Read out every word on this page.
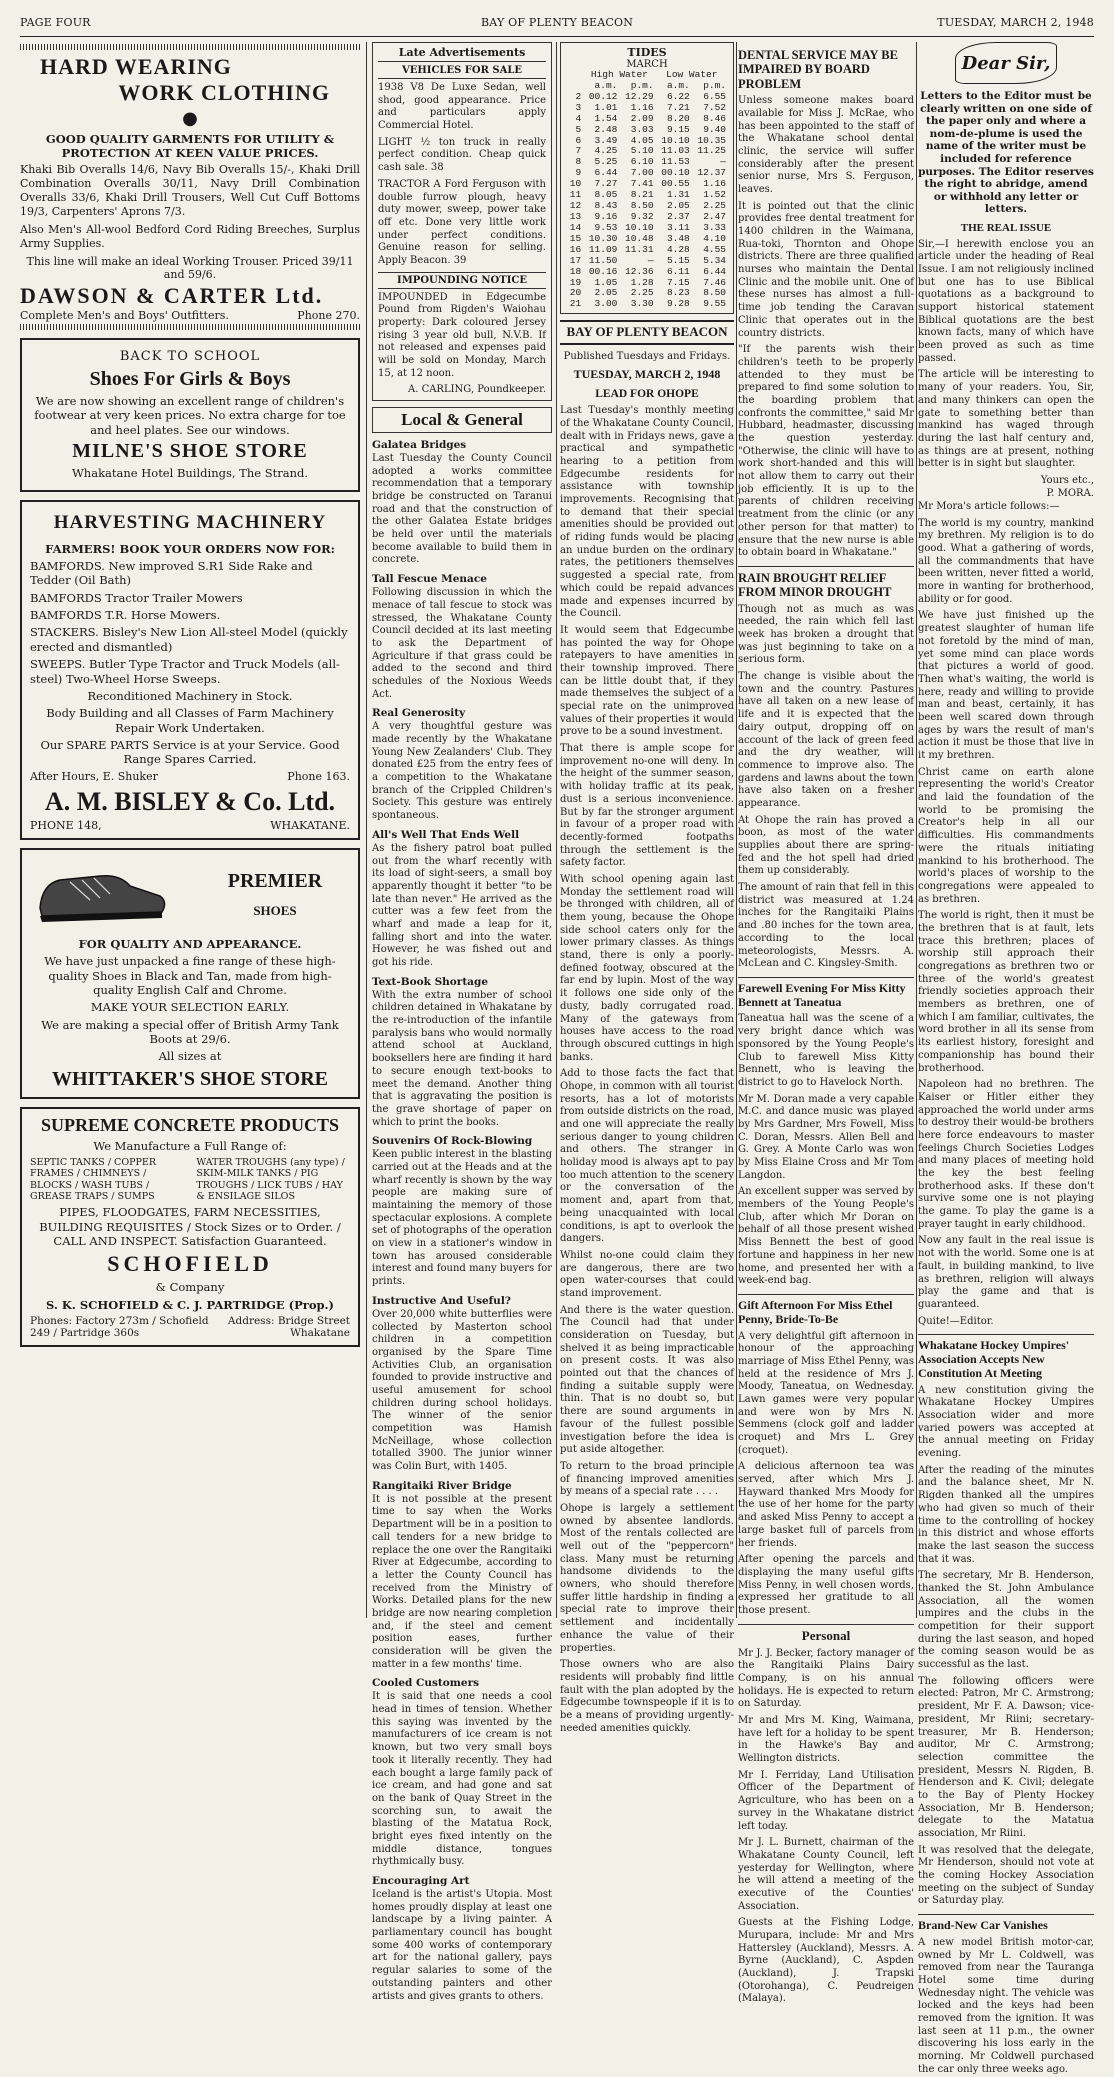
PAGE FOUR	BAY OF PLENTY BEACON	TUESDAY, MARCH 2, 1948
HARD WEARING
WORK CLOTHING
●

GOOD QUALITY GARMENTS FOR UTILITY & PROTECTION AT KEEN VALUE PRICES.

Khaki Bib Overalls 14/6, Navy Bib Overalls 15/-, Khaki Drill Combination Overalls 30/11, Navy Drill Combination Overalls 33/6, Khaki Drill Trousers, Well Cut Cuff Bottoms 19/3, Carpenters' Aprons 7/3.

Also Men's All-wool Bedford Cord Riding Breeches, Surplus Army Supplies.

This line will make an ideal Working Trouser. Priced 39/11 and 59/6.

DAWSON & CARTER Ltd.
Complete Men's and Boys' Outfitters.	Phone 270.

BACK TO SCHOOL

Shoes For Girls & Boys

We are now showing an excellent range of children's footwear at very keen prices. No extra charge for toe and heel plates. See our windows.

MILNE'S SHOE STORE

Whakatane Hotel Buildings, The Strand.

HARVESTING MACHINERY

FARMERS! BOOK YOUR ORDERS NOW FOR:

BAMFORDS. New improved S.R1 Side Rake and Tedder (Oil Bath)

BAMFORDS Tractor Trailer Mowers

BAMFORDS T.R. Horse Mowers.

STACKERS. Bisley's New Lion All-steel Model (quickly erected and dismantled)

SWEEPS. Butler Type Tractor and Truck Models (all-steel) Two-Wheel Horse Sweeps.

Reconditioned Machinery in Stock.

Body Building and all Classes of Farm Machinery Repair Work Undertaken.

Our SPARE PARTS Service is at your Service. Good Range Spares Carried.

After Hours, E. Shuker	Phone 163.
A. M. BISLEY & Co. Ltd.
PHONE 148,	WHAKATANE.
PREMIER
SHOES

FOR QUALITY AND APPEARANCE.

We have just unpacked a fine range of these high-quality Shoes in Black and Tan, made from high-quality English Calf and Chrome.

MAKE YOUR SELECTION EARLY.

We are making a special offer of British Army Tank Boots at 29/6.

All sizes at

WHITTAKER'S SHOE STORE
SUPREME CONCRETE PRODUCTS

We Manufacture a Full Range of:

SEPTIC TANKS / COPPER FRAMES / CHIMNEYS / BLOCKS / WASH TUBS / GREASE TRAPS / SUMPS
WATER TROUGHS (any type) / SKIM-MILK TANKS / PIG TROUGHS / LICK TUBS / HAY & ENSILAGE SILOS

PIPES, FLOODGATES, FARM NECESSITIES, BUILDING REQUISITES / Stock Sizes or to Order. / CALL AND INSPECT. Satisfaction Guaranteed.

SCHOFIELD

& Company

S. K. SCHOFIELD & C. J. PARTRIDGE (Prop.)

Phones: Factory 273m / Schofield 249 / Partridge 360s
Address: Bridge Street Whakatane
Late Advertisements
VEHICLES FOR SALE

1938 V8 De Luxe Sedan, well shod, good appearance. Price and particulars apply Commercial Hotel.

LIGHT ½ ton truck in really perfect condition. Cheap quick cash sale. 38

TRACTOR A Ford Ferguson with double furrow plough, heavy duty mower, sweep, power take off etc. Done very little work under perfect conditions. Genuine reason for selling. Apply Beacon. 39

IMPOUNDING NOTICE

IMPOUNDED in Edgecumbe Pound from Rigden's Waiohau property: Dark coloured Jersey rising 3 year old bull, N.V.B. If not released and expenses paid will be sold on Monday, March 15, at 12 noon.

A. CARLING, Poundkeeper.

Local & General
Galatea Bridges

Last Tuesday the County Council adopted a works committee recommendation that a temporary bridge be constructed on Taranui road and that the construction of the other Galatea Estate bridges be held over until the materials become available to build them in concrete.

Tall Fescue Menace

Following discussion in which the menace of tall fescue to stock was stressed, the Whakatane County Council decided at its last meeting to ask the Department of Agriculture if that grass could be added to the second and third schedules of the Noxious Weeds Act.

Real Generosity

A very thoughtful gesture was made recently by the Whakatane Young New Zealanders' Club. They donated £25 from the entry fees of a competition to the Whakatane branch of the Crippled Children's Society. This gesture was entirely spontaneous.

All's Well That Ends Well

As the fishery patrol boat pulled out from the wharf recently with its load of sight-seers, a small boy apparently thought it better "to be late than never." He arrived as the cutter was a few feet from the wharf and made a leap for it, falling short and into the water. However, he was fished out and got his ride.

Text-Book Shortage

With the extra number of school children detained in Whakatane by the re-introduction of the infantile paralysis bans who would normally attend school at Auckland, booksellers here are finding it hard to secure enough text-books to meet the demand. Another thing that is aggravating the position is the grave shortage of paper on which to print the books.

Souvenirs Of Rock-Blowing

Keen public interest in the blasting carried out at the Heads and at the wharf recently is shown by the way people are making sure of maintaining the memory of those spectacular explosions. A complete set of photographs of the operation on view in a stationer's window in town has aroused considerable interest and found many buyers for prints.

Instructive And Useful?

Over 20,000 white butterflies were collected by Masterton school children in a competition organised by the Spare Time Activities Club, an organisation founded to provide instructive and useful amusement for school children during school holidays. The winner of the senior competition was Hamish McNeillage, whose collection totalled 3900. The junior winner was Colin Burt, with 1405.

Rangitaiki River Bridge

It is not possible at the present time to say when the Works Department will be in a position to call tenders for a new bridge to replace the one over the Rangitaiki River at Edgecumbe, according to a letter the County Council has received from the Ministry of Works. Detailed plans for the new bridge are now nearing completion and, if the steel and cement position eases, further consideration will be given the matter in a few months' time.

Cooled Customers

It is said that one needs a cool head in times of tension. Whether this saying was invented by the manufacturers of ice cream is not known, but two very small boys took it literally recently. They had each bought a large family pack of ice cream, and had gone and sat on the bank of Quay Street in the scorching sun, to await the blasting of the Matatua Rock, bright eyes fixed intently on the middle distance, tongues rhythmically busy.

Encouraging Art

Iceland is the artist's Utopia. Most homes proudly display at least one landscape by a living painter. A parliamentary council has bought some 400 works of contemporary art for the national gallery, pays regular salaries to some of the outstanding painters and other artists and gives grants to others.

TIDES
MARCH
	High Water		Low Water	
	a.m.	p.m.	a.m.	p.m.
2	00.12	12.29	6.22	6.55
3	1.01	1.16	7.21	7.52
4	1.54	2.09	8.20	8.46
5	2.48	3.03	9.15	9.40
6	3.49	4.05	10.10	10.35
7	4.25	5.10	11.03	11.25
8	5.25	6.10	11.53	—
9	6.44	7.00	00.10	12.37
10	7.27	7.41	00.55	1.16
11	8.05	8.21	1.31	1.52
12	8.43	8.50	2.05	2.25
13	9.16	9.32	2.37	2.47
14	9.53	10.10	3.11	3.33
15	10.30	10.48	3.48	4.10
16	11.09	11.31	4.28	4.55
17	11.50	—	5.15	5.34
18	00.16	12.36	6.11	6.44
19	1.05	1.28	7.15	7.46
20	2.05	2.25	8.23	8.50
21	3.00	3.30	9.28	9.55
BAY OF PLENTY BEACON

Published Tuesdays and Fridays.

TUESDAY, MARCH 2, 1948
LEAD FOR OHOPE

Last Tuesday's monthly meeting of the Whakatane County Council, dealt with in Fridays news, gave a practical and sympathetic hearing to a petition from Edgecumbe residents for assistance with township improvements. Recognising that to demand that their special amenities should be provided out of riding funds would be placing an undue burden on the ordinary rates, the petitioners themselves suggested a special rate, from which could be repaid advances made and expenses incurred by the Council.

It would seem that Edgecumbe has pointed the way for Ohope ratepayers to have amenities in their township improved. There can be little doubt that, if they made themselves the subject of a special rate on the unimproved values of their properties it would prove to be a sound investment.

That there is ample scope for improvement no-one will deny. In the height of the summer season, with holiday traffic at its peak, dust is a serious inconvenience. But by far the stronger argument in favour of a proper road with decently-formed footpaths through the settlement is the safety factor.

With school opening again last Monday the settlement road will be thronged with children, all of them young, because the Ohope side school caters only for the lower primary classes. As things stand, there is only a poorly-defined footway, obscured at the far end by lupin. Most of the way it follows one side only of the dusty, badly corrugated road. Many of the gateways from houses have access to the road through obscured cuttings in high banks.

Add to those facts the fact that Ohope, in common with all tourist resorts, has a lot of motorists from outside districts on the road, and one will appreciate the really serious danger to young children and others. The stranger in holiday mood is always apt to pay too much attention to the scenery or the conversation of the moment and, apart from that, being unacquainted with local conditions, is apt to overlook the dangers.

Whilst no-one could claim they are dangerous, there are two open water-courses that could stand improvement.

And there is the water question. The Council had that under consideration on Tuesday, but shelved it as being impracticable on present costs. It was also pointed out that the chances of finding a suitable supply were thin. That is no doubt so, but there are sound arguments in favour of the fullest possible investigation before the idea is put aside altogether.

To return to the broad principle of financing improved amenities by means of a special rate . . . .

Ohope is largely a settlement owned by absentee landlords. Most of the rentals collected are well out of the "peppercorn" class. Many must be returning handsome dividends to the owners, who should therefore suffer little hardship in finding a special rate to improve their settlement and incidentally enhance the value of their properties.

Those owners who are also residents will probably find little fault with the plan adopted by the Edgecumbe townspeople if it is to be a means of providing urgently-needed amenities quickly.

DENTAL SERVICE MAY BE IMPAIRED BY BOARD PROBLEM

Unless someone makes board available for Miss J. McRae, who has been appointed to the staff of the Whakatane school dental clinic, the service will suffer considerably after the present senior nurse, Mrs S. Ferguson, leaves.

It is pointed out that the clinic provides free dental treatment for 1400 children in the Waimana, Rua-toki, Thornton and Ohope districts. There are three qualified nurses who maintain the Dental Clinic and the mobile unit. One of these nurses has almost a full-time job tending the Caravan Clinic that operates out in the country districts.

"If the parents wish their children's teeth to be properly attended to they must be prepared to find some solution to the boarding problem that confronts the committee," said Mr Hubbard, headmaster, discussing the question yesterday. "Otherwise, the clinic will have to work short-handed and this will not allow them to carry out their job efficiently. It is up to the parents of children receiving treatment from the clinic (or any other person for that matter) to ensure that the new nurse is able to obtain board in Whakatane."

RAIN BROUGHT RELIEF FROM MINOR DROUGHT

Though not as much as was needed, the rain which fell last week has broken a drought that was just beginning to take on a serious form.

The change is visible about the town and the country. Pastures have all taken on a new lease of life and it is expected that the dairy output, dropping off on account of the lack of green feed and the dry weather, will commence to improve also. The gardens and lawns about the town have also taken on a fresher appearance.

At Ohope the rain has proved a boon, as most of the water supplies about there are spring-fed and the hot spell had dried them up considerably.

The amount of rain that fell in this district was measured at 1.24 inches for the Rangitaiki Plains and .80 inches for the town area, according to the local meteorologists, Messrs. A. McLean and C. Kingsley-Smith.

Farewell Evening For Miss Kitty Bennett at Taneatua

Taneatua hall was the scene of a very bright dance which was sponsored by the Young People's Club to farewell Miss Kitty Bennett, who is leaving the district to go to Havelock North.

Mr M. Doran made a very capable M.C. and dance music was played by Mrs Gardner, Mrs Fowell, Miss C. Doran, Messrs. Allen Bell and G. Grey. A Monte Carlo was won by Miss Elaine Cross and Mr Tom Langdon.

An excellent supper was served by members of the Young People's Club, after which Mr Doran on behalf of all those present wished Miss Bennett the best of good fortune and happiness in her new home, and presented her with a week-end bag.

Gift Afternoon For Miss Ethel Penny, Bride-To-Be

A very delightful gift afternoon in honour of the approaching marriage of Miss Ethel Penny, was held at the residence of Mrs J. Moody, Taneatua, on Wednesday. Lawn games were very popular and were won by Mrs N. Semmens (clock golf and ladder croquet) and Mrs L. Grey (croquet).

A delicious afternoon tea was served, after which Mrs J. Hayward thanked Mrs Moody for the use of her home for the party and asked Miss Penny to accept a large basket full of parcels from her friends.

After opening the parcels and displaying the many useful gifts Miss Penny, in well chosen words, expressed her gratitude to all those present.

Personal

Mr J. J. Becker, factory manager of the Rangitaiki Plains Dairy Company, is on his annual holidays. He is expected to return on Saturday.

Mr and Mrs M. King, Waimana, have left for a holiday to be spent in the Hawke's Bay and Wellington districts.

Mr I. Ferriday, Land Utilisation Officer of the Department of Agriculture, who has been on a survey in the Whakatane district left today.

Mr J. L. Burnett, chairman of the Whakatane County Council, left yesterday for Wellington, where he will attend a meeting of the executive of the Counties' Association.

Guests at the Fishing Lodge, Murupara, include: Mr and Mrs Hattersley (Auckland), Messrs. A. Byrne (Auckland), C. Aspden (Auckland), J. Trapski (Otorohanga), C. Peudreigen (Malaya).

Dear Sir,
Letters to the Editor must be clearly written on one side of the paper only and where a nom-de-plume is used the name of the writer must be included for reference purposes. The Editor reserves the right to abridge, amend or withhold any letter or letters.
THE REAL ISSUE

Sir,—I herewith enclose you an article under the heading of Real Issue. I am not religiously inclined but one has to use Biblical quotations as a background to support historical statement Biblical quotations are the best known facts, many of which have been proved as such as time passed.

The article will be interesting to many of your readers. You, Sir, and many thinkers can open the gate to something better than mankind has waged through during the last half century and, as things are at present, nothing better is in sight but slaughter.

Yours etc.,
P. MORA.

Mr Mora's article follows:—

The world is my country, mankind my brethren. My religion is to do good. What a gathering of words, all the commandments that have been written, never fitted a world, more in wanting for brotherhood, ability or for good.

We have just finished up the greatest slaughter of human life not foretold by the mind of man, yet some mind can place words that pictures a world of good. Then what's waiting, the world is here, ready and willing to provide man and beast, certainly, it has been well scared down through ages by wars the result of man's action it must be those that live in it my brethren.

Christ came on earth alone representing the world's Creator and laid the foundation of the world to be promising the Creator's help in all our difficulties. His commandments were the rituals initiating mankind to his brotherhood. The world's places of worship to the congregations were appealed to as brethren.

The world is right, then it must be the brethren that is at fault, lets trace this brethren; places of worship still approach their congregations as brethren two or three of the world's greatest friendly societies approach their members as brethren, one of which I am familiar, cultivates, the word brother in all its sense from its earliest history, foresight and companionship has bound their brotherhood.

Napoleon had no brethren. The Kaiser or Hitler either they approached the world under arms to destroy their would-be brothers here force endeavours to master feelings Church Societies Lodges and many places of meeting hold the key the best feeling brotherhood asks. If these don't survive some one is not playing the game. To play the game is a prayer taught in early childhood.

Now any fault in the real issue is not with the world. Some one is at fault, in building mankind, to live as brethren, religion will always play the game and that is guaranteed.

Quite!—Editor.

Whakatane Hockey Umpires' Association Accepts New Constitution At Meeting

A new constitution giving the Whakatane Hockey Umpires Association wider and more varied powers was accepted at the annual meeting on Friday evening.

After the reading of the minutes and the balance sheet, Mr N. Rigden thanked all the umpires who had given so much of their time to the controlling of hockey in this district and whose efforts make the last season the success that it was.

The secretary, Mr B. Henderson, thanked the St. John Ambulance Association, all the women umpires and the clubs in the competition for their support during the last season, and hoped the coming season would be as successful as the last.

The following officers were elected: Patron, Mr C. Armstrong; president, Mr F. A. Dawson; vice-president, Mr Riini; secretary-treasurer, Mr B. Henderson; auditor, Mr C. Armstrong; selection committee the president, Messrs N. Rigden, B. Henderson and K. Civil; delegate to the Bay of Plenty Hockey Association, Mr B. Henderson; delegate to the Matatua association, Mr Riini.

It was resolved that the delegate, Mr Henderson, should not vote at the coming Hockey Association meeting on the subject of Sunday or Saturday play.

Brand-New Car Vanishes

A new model British motor-car, owned by Mr L. Coldwell, was removed from near the Tauranga Hotel some time during Wednesday night. The vehicle was locked and the keys had been removed from the ignition. It was last seen at 11 p.m., the owner discovering his loss early in the morning. Mr Coldwell purchased the car only three weeks ago.
